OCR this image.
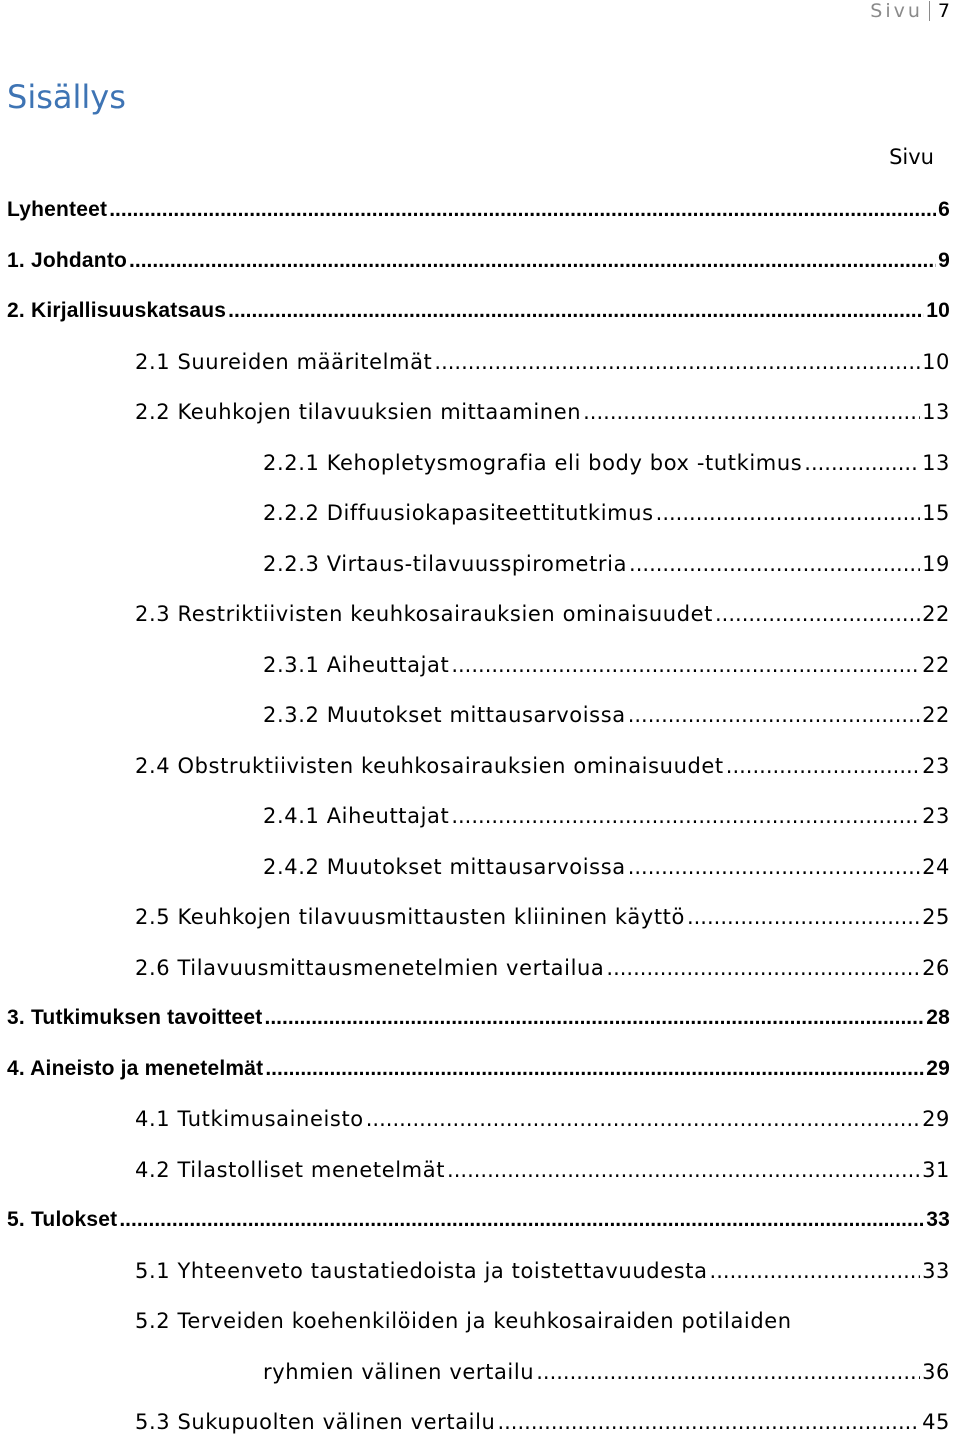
Sivu 7
Sisällys
Sivu
Lyhenteet .....	6
1. Johdanto .....	9
2. Kirjallisuuskatsaus .....	10
2.1 Suureiden määritelmät .....	10
2.2 Keuhkojen tilavuuksien mittaaminen .....	13
2.2.1 Kehopletysmografia eli body box -tutkimus .....	13
2.2.2 Diffuusiokapasiteettitutkimus .....	15
2.2.3 Virtaus-tilavuusspirometria .....	19
2.3 Restriktiivisten keuhkosairauksien ominaisuudet .....	22
2.3.1 Aiheuttajat .....	22
2.3.2 Muutokset mittausarvoissa .....	22
2.4 Obstruktiivisten keuhkosairauksien ominaisuudet .....	23
2.4.1 Aiheuttajat .....	23
2.4.2 Muutokset mittausarvoissa .....	24
2.5 Keuhkojen tilavuusmittausten kliininen käyttö .....	25
2.6 Tilavuusmittausmenetelmien vertailua .....	26
3. Tutkimuksen tavoitteet .....	28
4. Aineisto ja menetelmät .....	29
4.1 Tutkimusaineisto .....	29
4.2 Tilastolliset menetelmät .....	31
5. Tulokset .....	33
5.1 Yhteenveto taustatiedoista ja toistettavuudesta .....	33
5.2 Terveiden koehenkilöiden ja keuhkosairaiden potilaiden
ryhmien välinen vertailu .....	36
5.3 Sukupuolten välinen vertailu .....	45
